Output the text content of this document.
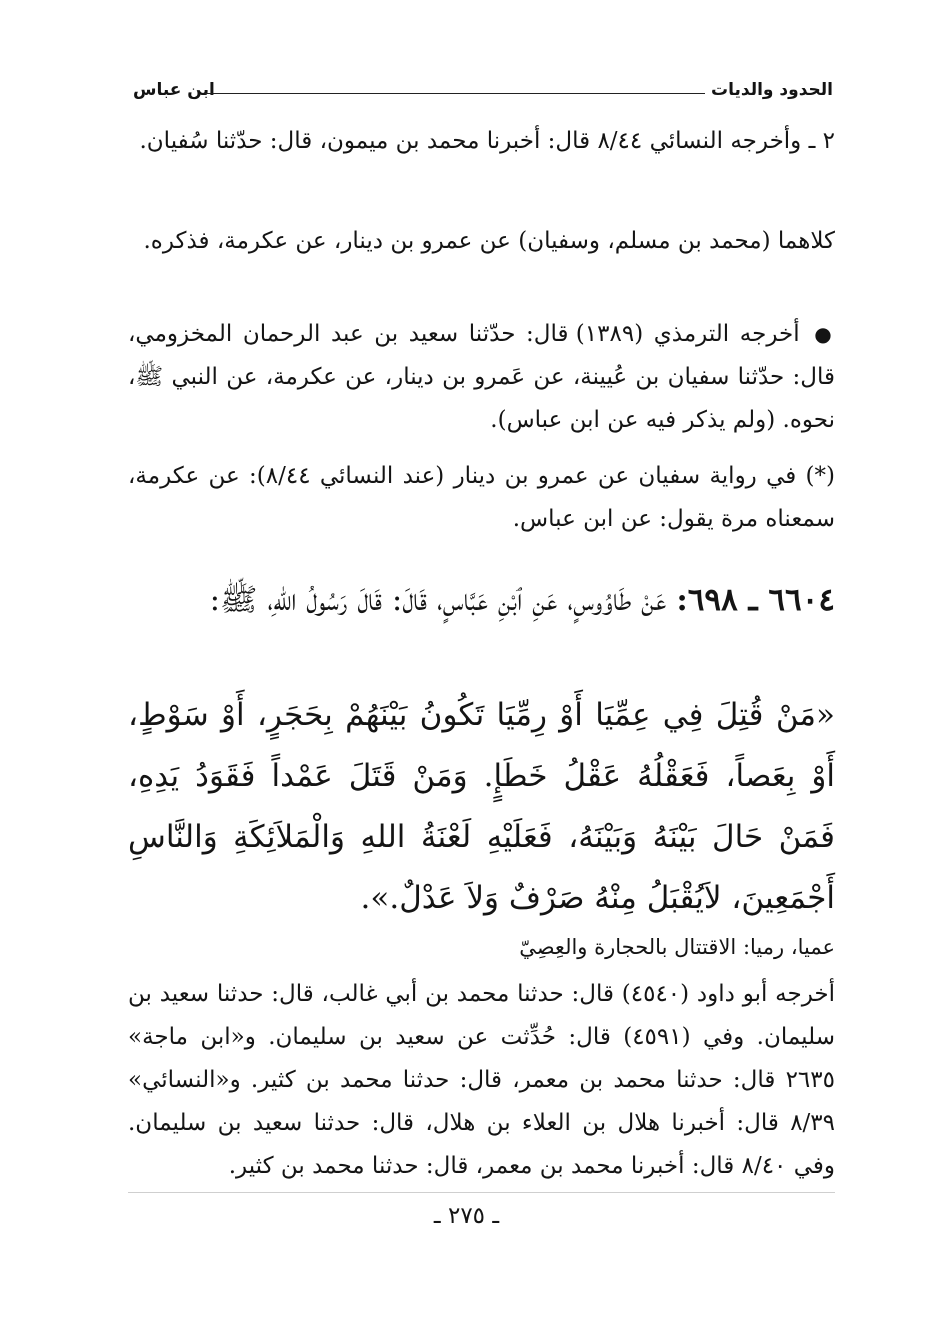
الحدود والديات
ابن عباس
٢ ـ وأخرجه النسائي ٨/٤٤ قال: أخبرنا محمد بن ميمون، قال: حدّثنا سُفيان.
كلاهما (محمد بن مسلم، وسفيان) عن عمرو بن دينار، عن عكرمة، فذكره.
● أخرجه الترمذي (١٣٨٩) قال: حدّثنا سعيد بن عبد الرحمان المخزومي، قال: حدّثنا سفيان بن عُيينة، عن عَمرو بن دينار، عن عكرمة، عن النبي ﷺ، نحوه. (ولم يذكر فيه عن ابن عباس).
(*) في رواية سفيان عن عمرو بن دينار (عند النسائي ٨/٤٤): عن عكرمة، سمعناه مرة يقول: عن ابن عباس.
٦٦٠٤ ـ ٦٩٨: عَنْ طَاوُوسٍ، عَنِ ٱبْنِ عَبَّاسٍ، قَالَ: قَالَ رَسُولُ اللهِ، ﷺ:
«مَنْ قُتِلَ فِي عِمِّيَا أَوْ رِمِّيَا تَكُونُ بَيْنَهُمْ بِحَجَرٍ، أَوْ سَوْطٍ، أَوْ بِعَصاً، فَعَقْلُهُ عَقْلُ خَطَإٍ. وَمَنْ قَتَلَ عَمْداً فَقَوَدُ يَدِهِ، فَمَنْ حَالَ بَيْنَهُ وَبَيْنَهُ، فَعَلَيْهِ لَعْنَةُ اللهِ وَالْمَلاَئِكَةِ وَالنَّاسِ أَجْمَعِينَ، لاَيُقْبَلُ مِنْهُ صَرْفٌ وَلاَ عَدْلٌ.».
عميا، رميا: الاقتتال بالحجارة والعِصِيّ
أخرجه أبو داود (٤٥٤٠) قال: حدثنا محمد بن أبي غالب، قال: حدثنا سعيد بن سليمان. وفي (٤٥٩١) قال: حُدِّثت عن سعيد بن سليمان. و«ابن ماجة» ٢٦٣٥ قال: حدثنا محمد بن معمر، قال: حدثنا محمد بن كثير. و«النسائي» ٨/٣٩ قال: أخبرنا هلال بن العلاء بن هلال، قال: حدثنا سعيد بن سليمان. وفي ٨/٤٠ قال: أخبرنا محمد بن معمر، قال: حدثنا محمد بن كثير.
ـ ٢٧٥ ـ
